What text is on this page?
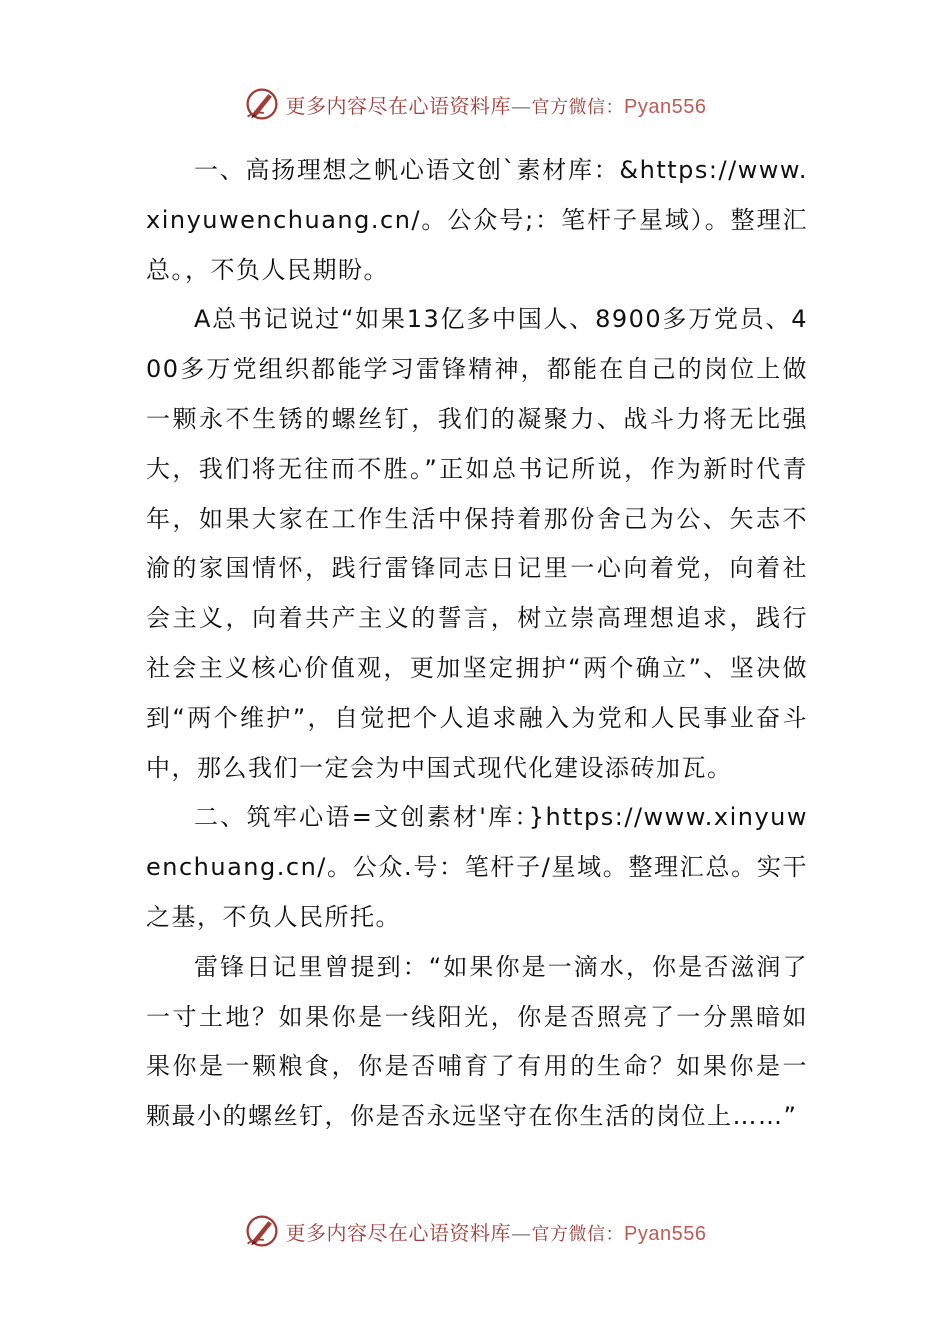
更多内容尽在心语资料库—官方微信：Pyan556

一、高扬理想之帆心语文创`素材库：&https://www.xinyuwenchuang.cn/。公众号;：笔杆子星域）。整理汇总。，不负人民期盼。

A总书记说过“如果13亿多中国人、8900多万党员、400多万党组织都能学习雷锋精神，都能在自己的岗位上做一颗永不生锈的螺丝钉，我们的凝聚力、战斗力将无比强大，我们将无往而不胜。”正如总书记所说，作为新时代青年，如果大家在工作生活中保持着那份舍己为公、矢志不渝的家国情怀，践行雷锋同志日记里一心向着党，向着社会主义，向着共产主义的誓言，树立崇高理想追求，践行社会主义核心价值观，更加坚定拥护“两个确立”、坚决做到“两个维护”，自觉把个人追求融入为党和人民事业奋斗中，那么我们一定会为中国式现代化建设添砖加瓦。

二、筑牢心语=文创素材'库：}https://www.xinyuwenchuang.cn/。公众.号：笔杆子/星域。整理汇总。实干之基，不负人民所托。

雷锋日记里曾提到：“如果你是一滴水，你是否滋润了一寸土地？如果你是一线阳光，你是否照亮了一分黑暗如果你是一颗粮食，你是否哺育了有用的生命？如果你是一颗最小的螺丝钉，你是否永远坚守在你生活的岗位上……”

更多内容尽在心语资料库—官方微信：Pyan556
